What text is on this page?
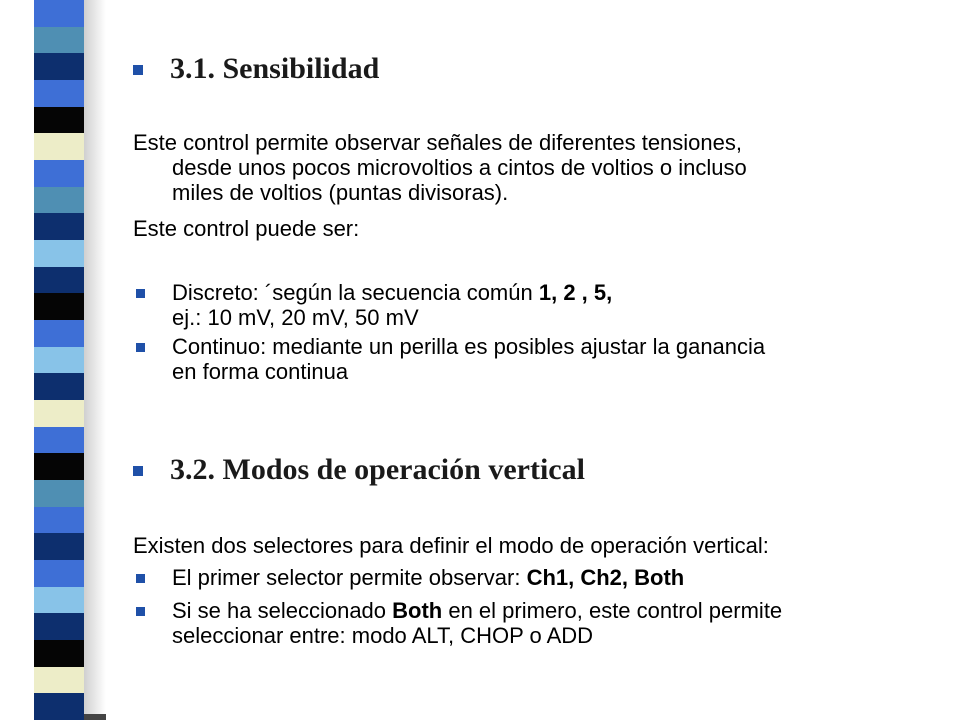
3.1. Sensibilidad
Este control permite observar señales de diferentes tensiones,
desde unos pocos microvoltios a cintos de voltios o incluso
miles de voltios (puntas divisoras).
Este control puede ser:
Discreto: ´según la secuencia común 1, 2 , 5,
ej.: 10 mV, 20 mV, 50 mV
Continuo: mediante un perilla es posibles ajustar la ganancia
en forma continua
3.2. Modos de operación vertical
Existen dos selectores para definir el modo de operación vertical:
El primer selector permite observar: Ch1, Ch2, Both
Si se ha seleccionado Both en el primero, este control permite
seleccionar entre: modo ALT, CHOP o ADD
